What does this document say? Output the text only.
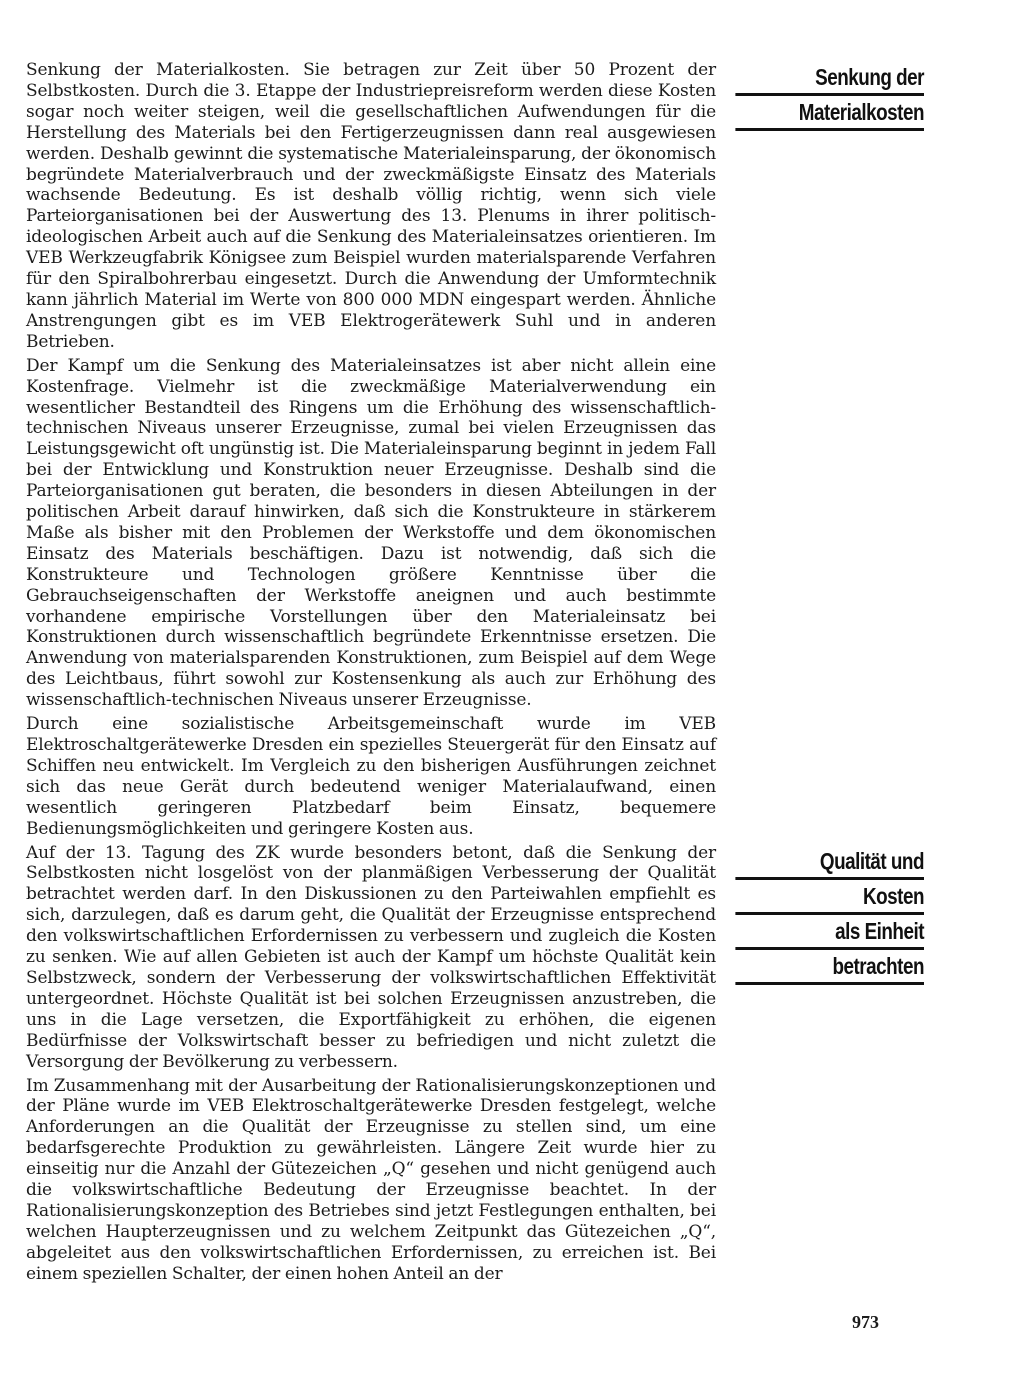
Senkung der Materialkosten. Sie betragen zur Zeit über 50 Prozent der Selbstkosten. Durch die 3. Etappe der Industriepreisreform werden diese Kosten sogar noch weiter steigen, weil die gesellschaftlichen Aufwendungen für die Herstellung des Materials bei den Fertigerzeugnissen dann real ausgewiesen werden. Deshalb gewinnt die systematische Materialeinsparung, der ökonomisch begründete Materialverbrauch und der zweckmäßigste Einsatz des Materials wachsende Bedeutung. Es ist deshalb völlig richtig, wenn sich viele Parteiorganisationen bei der Auswertung des 13. Plenums in ihrer politisch-ideologischen Arbeit auch auf die Senkung des Materialeinsatzes orientieren. Im VEB Werkzeugfabrik Königsee zum Beispiel wurden materialsparende Verfahren für den Spiralbohrerbau eingesetzt. Durch die Anwendung der Umformtechnik kann jährlich Material im Werte von 800 000 MDN eingespart werden. Ähnliche Anstrengungen gibt es im VEB Elektrogerätewerk Suhl und in anderen Betrieben.

Der Kampf um die Senkung des Materialeinsatzes ist aber nicht allein eine Kostenfrage. Vielmehr ist die zweckmäßige Materialverwendung ein wesentlicher Bestandteil des Ringens um die Erhöhung des wissenschaftlich-technischen Niveaus unserer Erzeugnisse, zumal bei vielen Erzeugnissen das Leistungsgewicht oft ungünstig ist. Die Materialeinsparung beginnt in jedem Fall bei der Entwicklung und Konstruktion neuer Erzeugnisse. Deshalb sind die Parteiorganisationen gut beraten, die besonders in diesen Abteilungen in der politischen Arbeit darauf hinwirken, daß sich die Konstrukteure in stärkerem Maße als bisher mit den Problemen der Werkstoffe und dem ökonomischen Einsatz des Materials beschäftigen. Dazu ist notwendig, daß sich die Konstrukteure und Technologen größere Kenntnisse über die Gebrauchseigenschaften der Werkstoffe aneignen und auch bestimmte vorhandene empirische Vorstellungen über den Materialeinsatz bei Konstruktionen durch wissenschaftlich begründete Erkenntnisse ersetzen. Die Anwendung von materialsparenden Konstruktionen, zum Beispiel auf dem Wege des Leichtbaus, führt sowohl zur Kostensenkung als auch zur Erhöhung des wissenschaftlich-technischen Niveaus unserer Erzeugnisse.

Durch eine sozialistische Arbeitsgemeinschaft wurde im VEB Elektroschaltgerätewerke Dresden ein spezielles Steuergerät für den Einsatz auf Schiffen neu entwickelt. Im Vergleich zu den bisherigen Ausführungen zeichnet sich das neue Gerät durch bedeutend weniger Materialaufwand, einen wesentlich geringeren Platzbedarf beim Einsatz, bequemere Bedienungsmöglichkeiten und geringere Kosten aus.

Auf der 13. Tagung des ZK wurde besonders betont, daß die Senkung der Selbstkosten nicht losgelöst von der planmäßigen Verbesserung der Qualität betrachtet werden darf. In den Diskussionen zu den Parteiwahlen empfiehlt es sich, darzulegen, daß es darum geht, die Qualität der Erzeugnisse entsprechend den volkswirtschaftlichen Erfordernissen zu verbessern und zugleich die Kosten zu senken. Wie auf allen Gebieten ist auch der Kampf um höchste Qualität kein Selbstzweck, sondern der Verbesserung der volkswirtschaftlichen Effektivität untergeordnet. Höchste Qualität ist bei solchen Erzeugnissen anzustreben, die uns in die Lage versetzen, die Exportfähigkeit zu erhöhen, die eigenen Bedürfnisse der Volkswirtschaft besser zu befriedigen und nicht zuletzt die Versorgung der Bevölkerung zu verbessern.

Im Zusammenhang mit der Ausarbeitung der Rationalisierungskonzeptionen und der Pläne wurde im VEB Elektroschaltgerätewerke Dresden festgelegt, welche Anforderungen an die Qualität der Erzeugnisse zu stellen sind, um eine bedarfsgerechte Produktion zu gewährleisten. Längere Zeit wurde hier zu einseitig nur die Anzahl der Gütezeichen „Q“ gesehen und nicht genügend auch die volkswirtschaftliche Bedeutung der Erzeugnisse beachtet. In der Rationalisierungskonzeption des Betriebes sind jetzt Festlegungen enthalten, bei welchen Haupterzeugnissen und zu welchem Zeitpunkt das Gütezeichen „Q“, abgeleitet aus den volkswirtschaftlichen Erfordernissen, zu erreichen ist. Bei einem speziellen Schalter, der einen hohen Anteil an der

Senkung der
Materialkosten
Qualität und
Kosten
als Einheit
betrachten
973
